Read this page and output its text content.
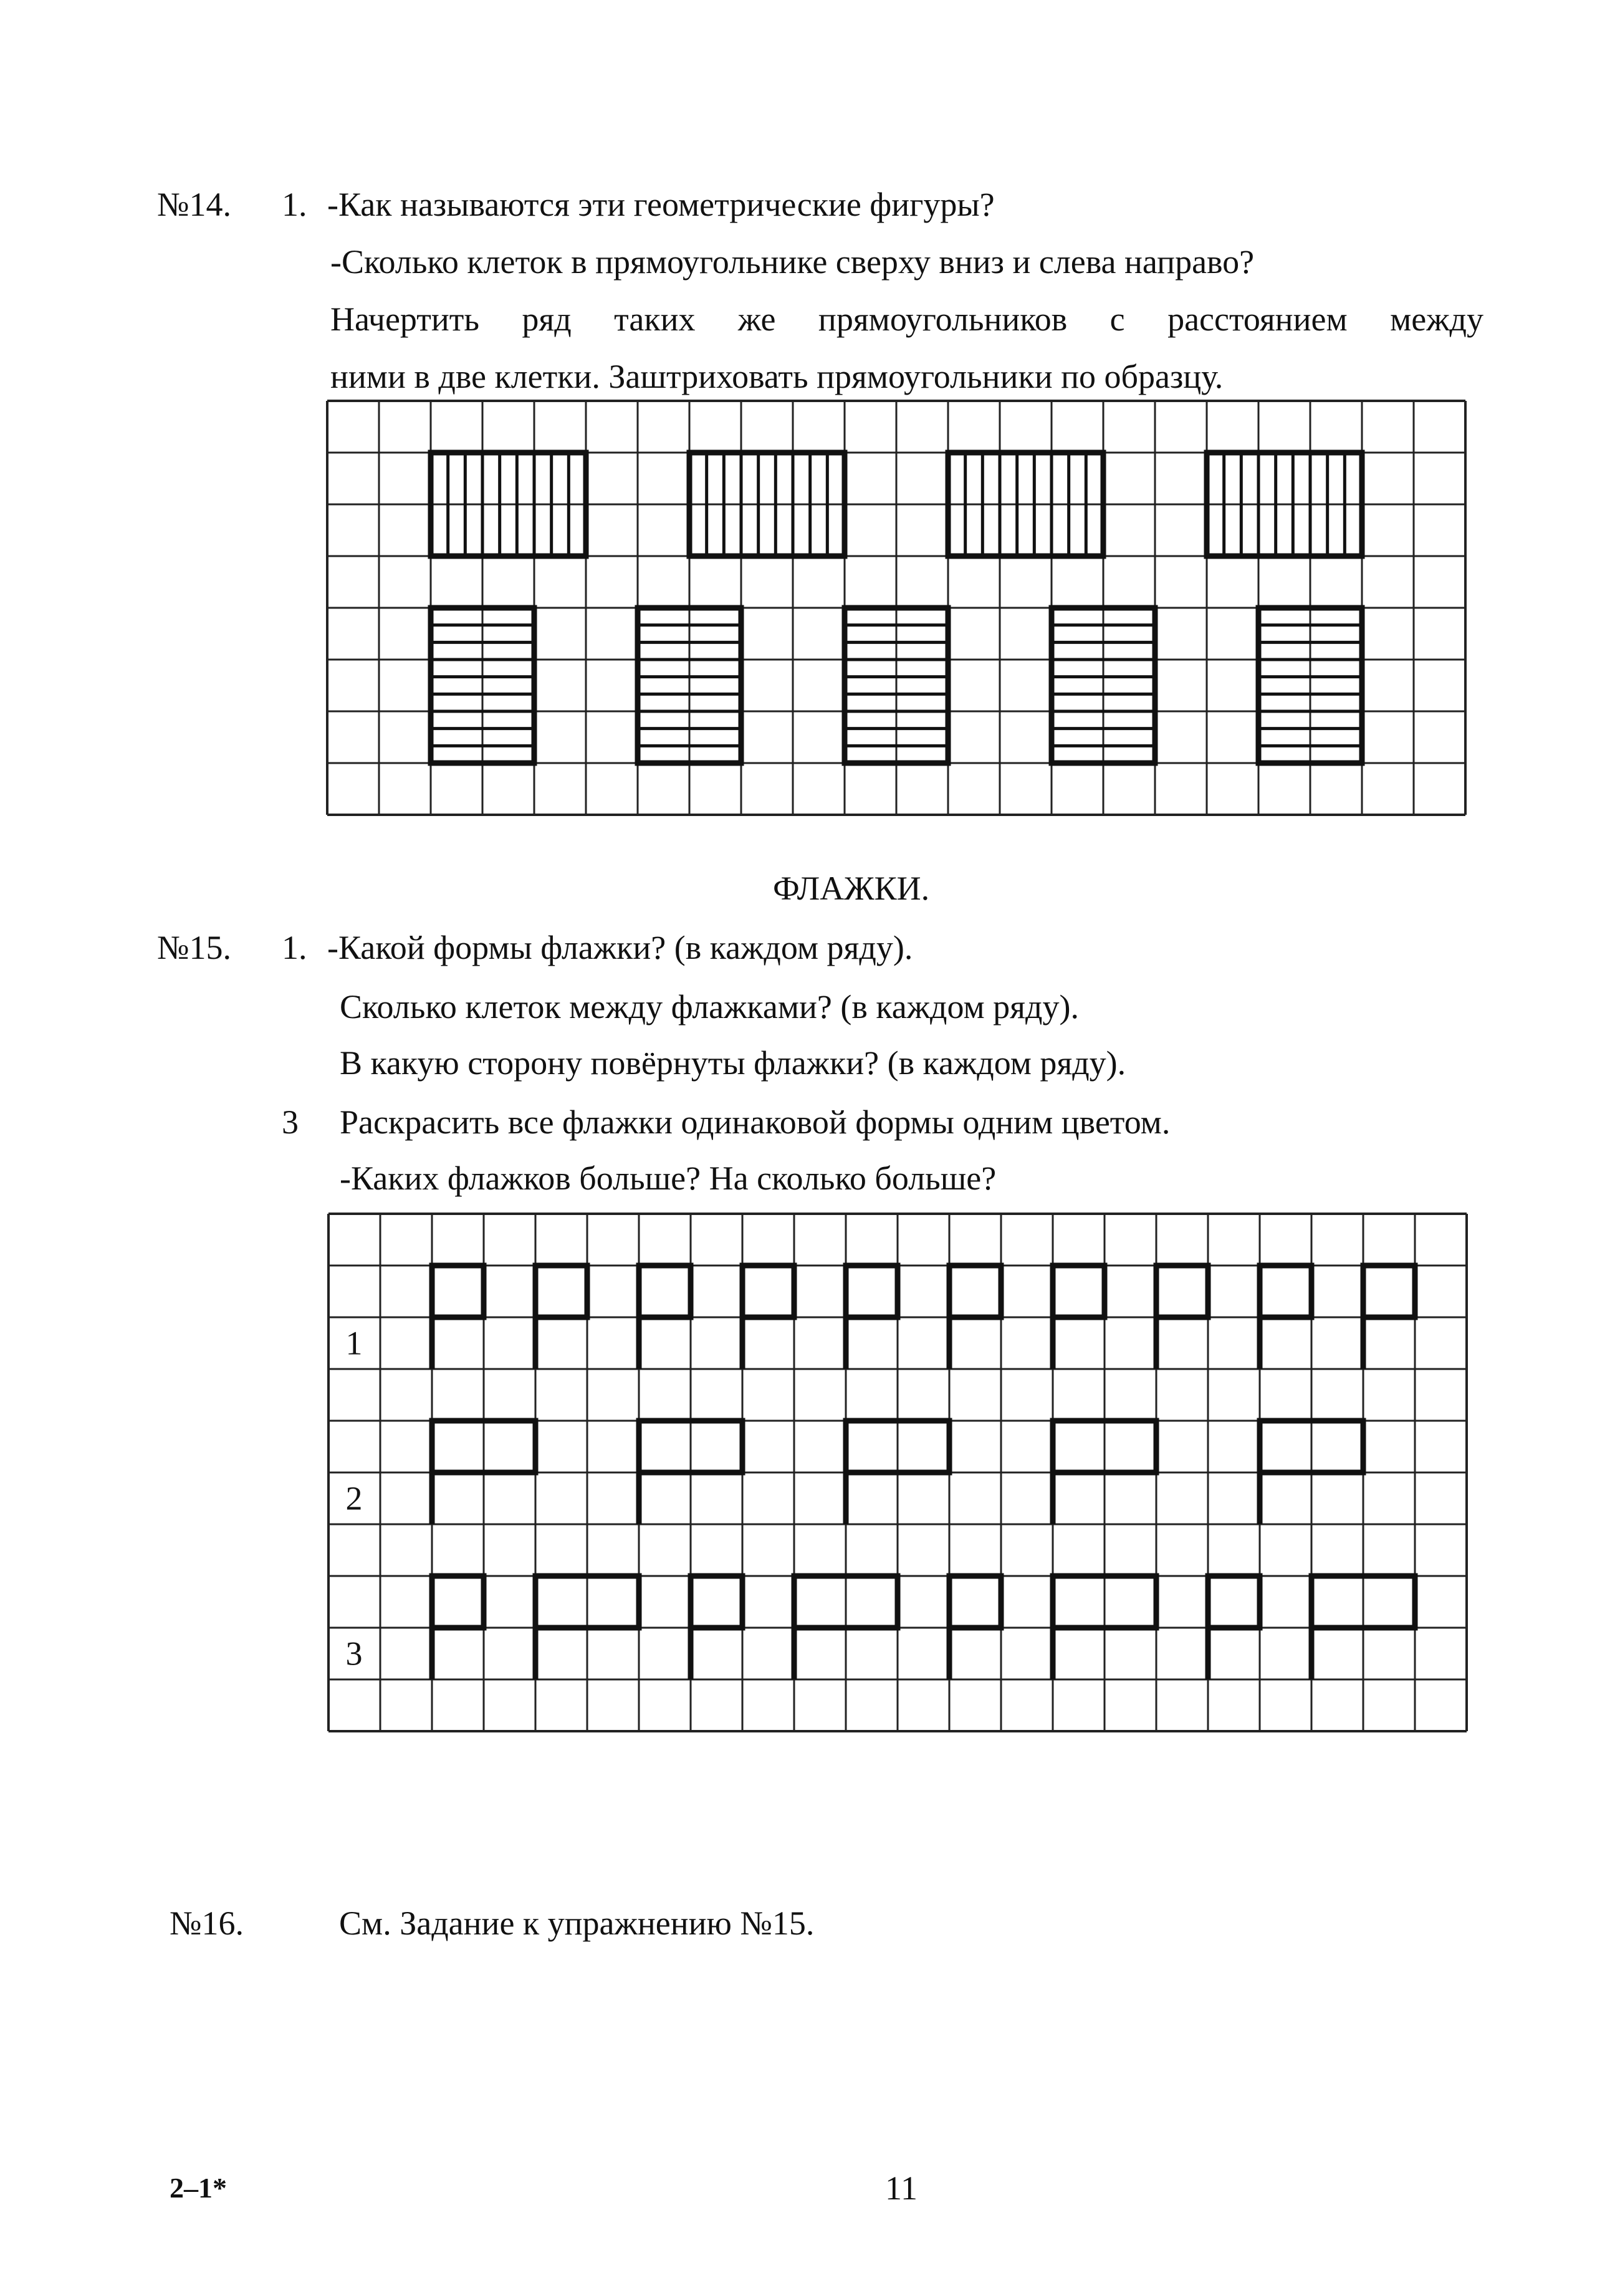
№14. 1. -Как называются эти геометрические фигуры?
-Сколько клеток в прямоугольнике сверху вниз и слева направо?
Начертить ряд таких же прямоугольников с расстоянием между
ними в две клетки. Заштриховать прямоугольники по образцу.
ФЛАЖКИ.
№15. 1. -Какой формы флажки? (в каждом ряду).
Сколько клеток между флажками? (в каждом ряду).
В какую сторону повёрнуты флажки? (в каждом ряду).
3 Раскрасить все флажки одинаковой формы одним цветом.
-Каких флажков больше? На сколько больше?
1
2
3
№16.	См. Задание к упражнению №15.
2–1*	11
